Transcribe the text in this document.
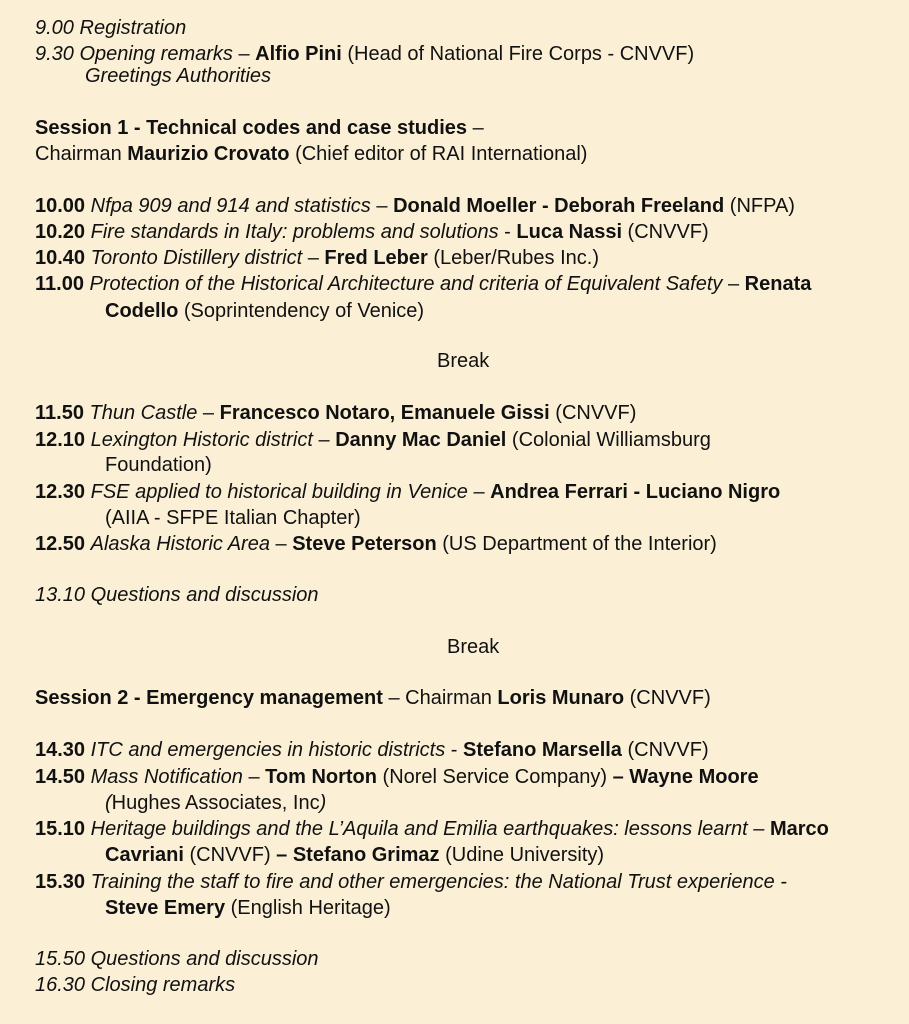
9.00 Registration
9.30 Opening remarks – Alfio Pini (Head of National Fire Corps - CNVVF)
Greetings Authorities
Session 1 - Technical codes and case studies –
Chairman Maurizio Crovato (Chief editor of RAI International)
10.00 Nfpa 909 and 914 and statistics – Donald Moeller - Deborah Freeland (NFPA)
10.20 Fire standards in Italy: problems and solutions - Luca Nassi (CNVVF)
10.40 Toronto Distillery district – Fred Leber (Leber/Rubes Inc.)
11.00 Protection of the Historical Architecture and criteria of Equivalent Safety – Renata
Codello (Soprintendency of Venice)
Break
11.50 Thun Castle – Francesco Notaro, Emanuele Gissi (CNVVF)
12.10 Lexington Historic district – Danny Mac Daniel (Colonial Williamsburg
Foundation)
12.30 FSE applied to historical building in Venice – Andrea Ferrari - Luciano Nigro
(AIIA - SFPE Italian Chapter)
12.50 Alaska Historic Area – Steve Peterson (US Department of the Interior)
13.10 Questions and discussion
Break
Session 2 - Emergency management – Chairman Loris Munaro (CNVVF)
14.30 ITC and emergencies in historic districts - Stefano Marsella (CNVVF)
14.50 Mass Notification – Tom Norton (Norel Service Company) – Wayne Moore
(Hughes Associates, Inc)
15.10 Heritage buildings and the L’Aquila and Emilia earthquakes: lessons learnt – Marco
Cavriani (CNVVF) – Stefano Grimaz (Udine University)
15.30 Training the staff to fire and other emergencies: the National Trust experience -
Steve Emery (English Heritage)
15.50 Questions and discussion
16.30 Closing remarks
